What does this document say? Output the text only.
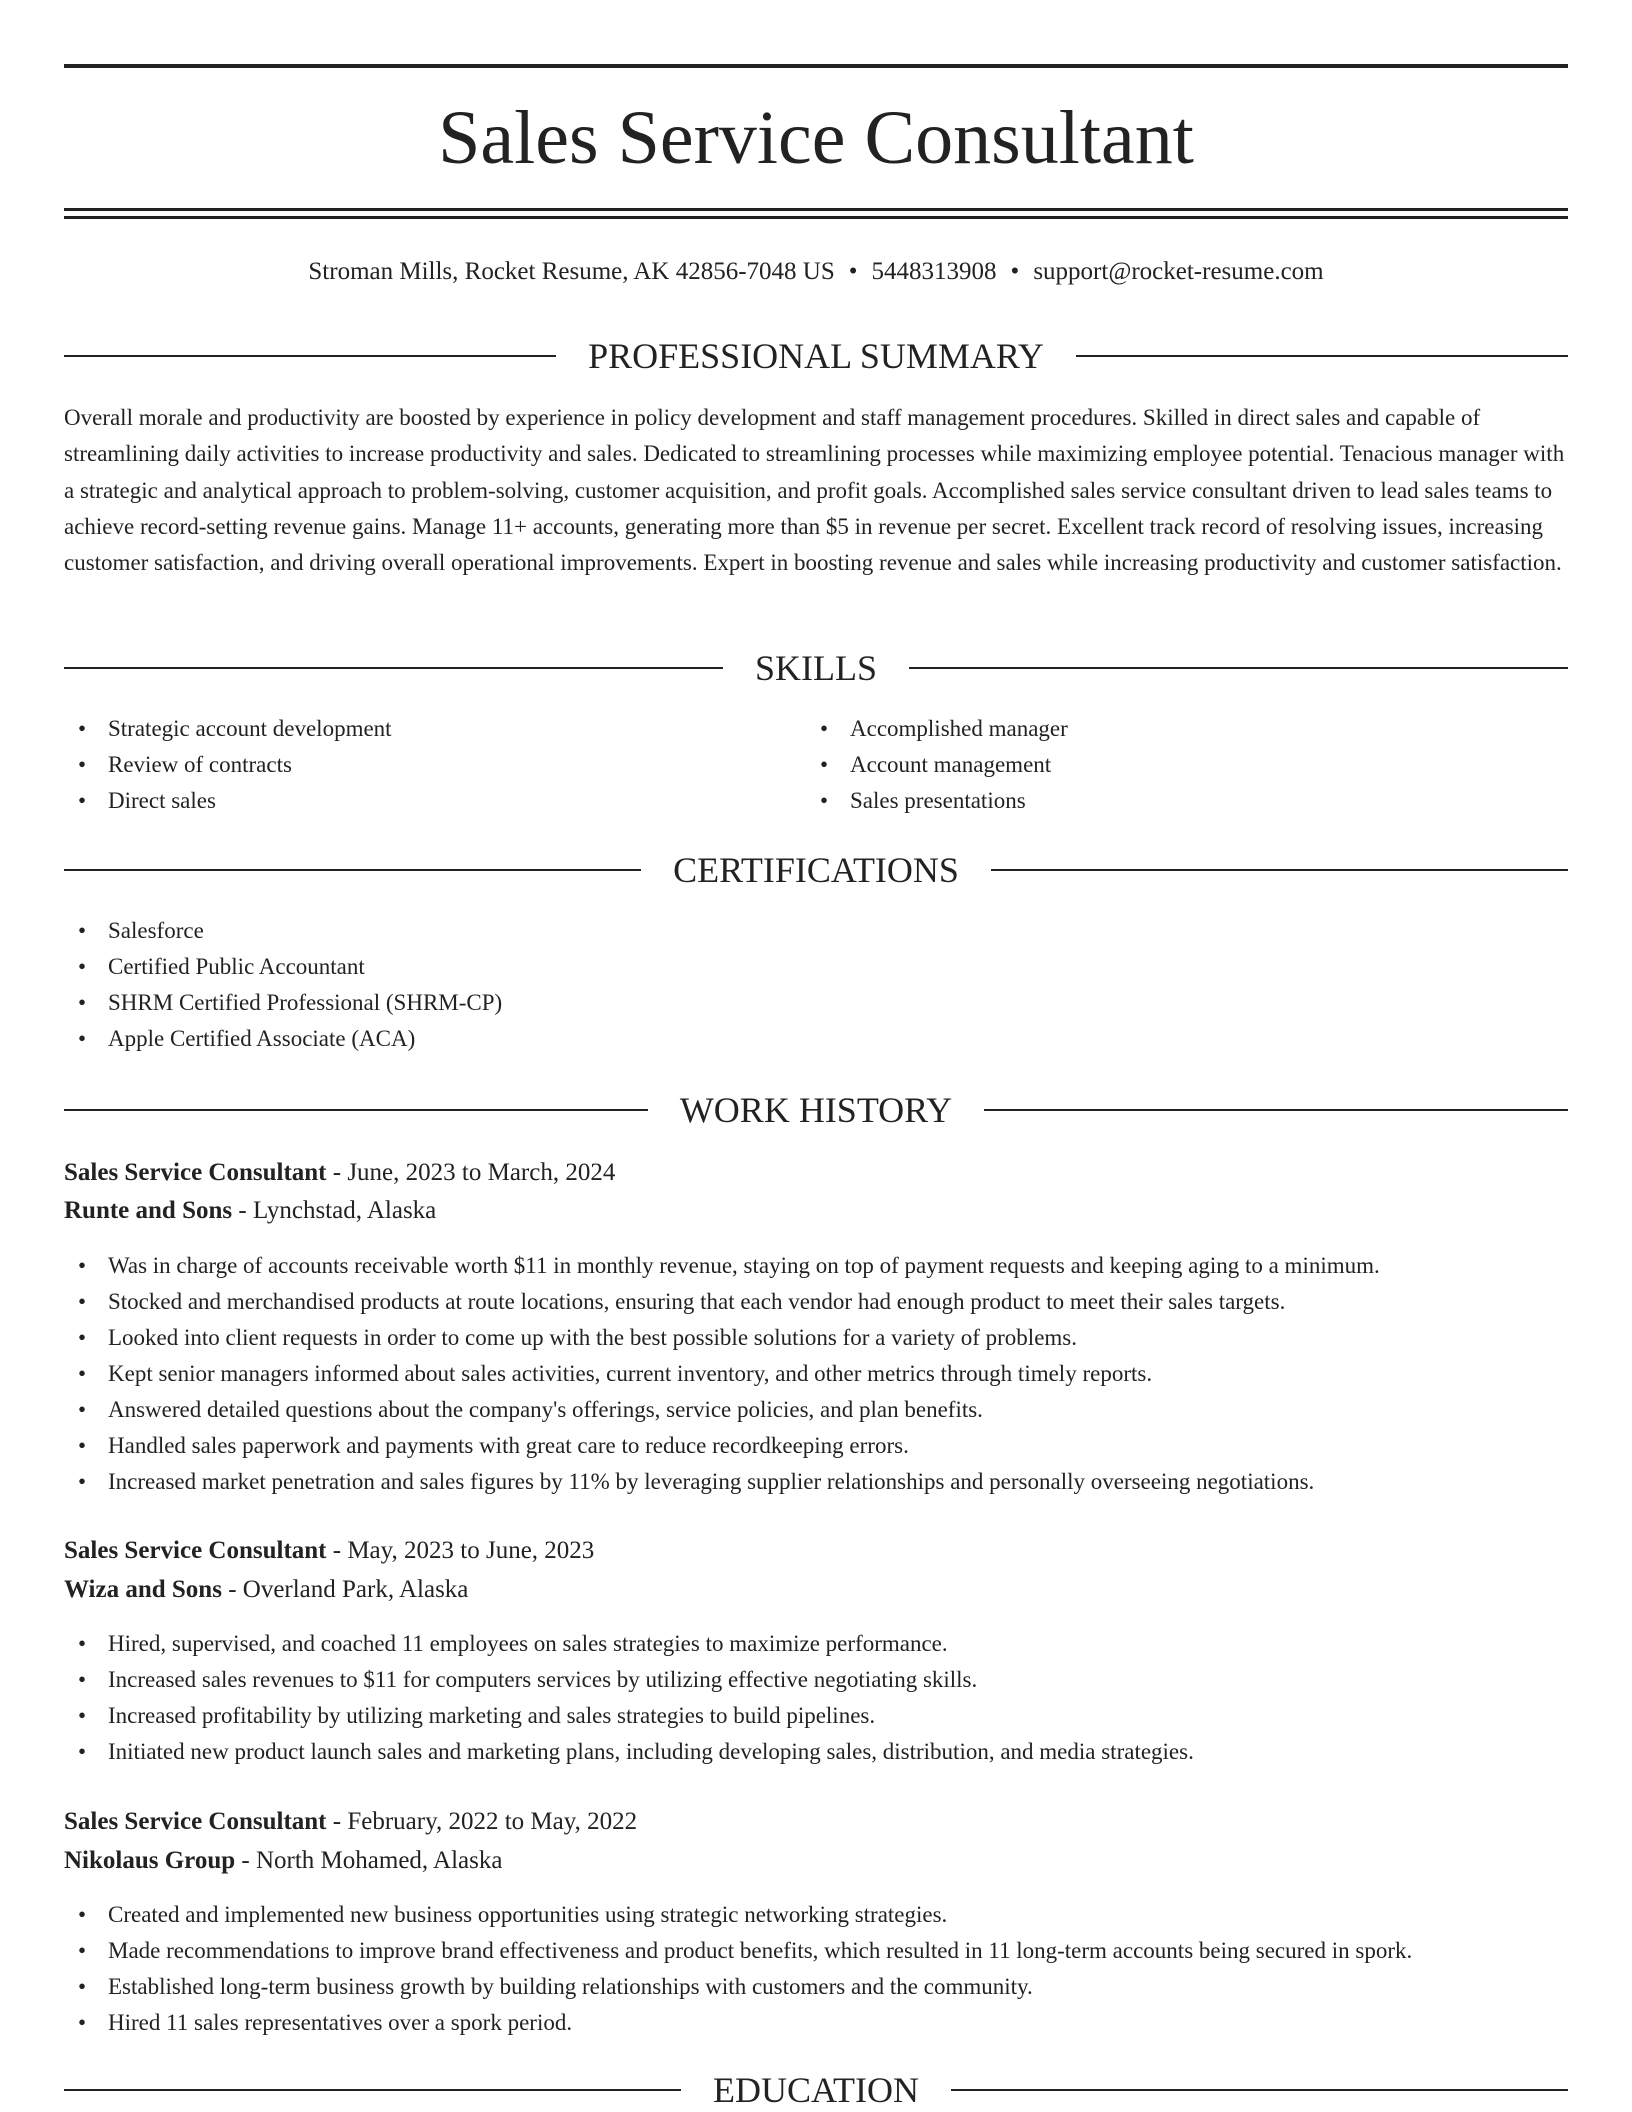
Sales Service Consultant
Stroman Mills, Rocket Resume, AK 42856-7048 US • 5448313908 • support@rocket-resume.com
PROFESSIONAL SUMMARY

Overall morale and productivity are boosted by experience in policy development and staff management procedures. Skilled in direct sales and capable of streamlining daily activities to increase productivity and sales. Dedicated to streamlining processes while maximizing employee potential. Tenacious manager with a strategic and analytical approach to problem-solving, customer acquisition, and profit goals. Accomplished sales service consultant driven to lead sales teams to achieve record-setting revenue gains. Manage 11+ accounts, generating more than $5 in revenue per secret. Excellent track record of resolving issues, increasing customer satisfaction, and driving overall operational improvements. Expert in boosting revenue and sales while increasing productivity and customer satisfaction.

SKILLS
• Strategic account development
• Review of contracts
• Direct sales
• Accomplished manager
• Account management
• Sales presentations
CERTIFICATIONS
• Salesforce
• Certified Public Accountant
• SHRM Certified Professional (SHRM-CP)
• Apple Certified Associate (ACA)
WORK HISTORY
Sales Service Consultant - June, 2023 to March, 2024
Runte and Sons - Lynchstad, Alaska
• Was in charge of accounts receivable worth $11 in monthly revenue, staying on top of payment requests and keeping aging to a minimum.
• Stocked and merchandised products at route locations, ensuring that each vendor had enough product to meet their sales targets.
• Looked into client requests in order to come up with the best possible solutions for a variety of problems.
• Kept senior managers informed about sales activities, current inventory, and other metrics through timely reports.
• Answered detailed questions about the company's offerings, service policies, and plan benefits.
• Handled sales paperwork and payments with great care to reduce recordkeeping errors.
• Increased market penetration and sales figures by 11% by leveraging supplier relationships and personally overseeing negotiations.
Sales Service Consultant - May, 2023 to June, 2023
Wiza and Sons - Overland Park, Alaska
• Hired, supervised, and coached 11 employees on sales strategies to maximize performance.
• Increased sales revenues to $11 for computers services by utilizing effective negotiating skills.
• Increased profitability by utilizing marketing and sales strategies to build pipelines.
• Initiated new product launch sales and marketing plans, including developing sales, distribution, and media strategies.
Sales Service Consultant - February, 2022 to May, 2022
Nikolaus Group - North Mohamed, Alaska
• Created and implemented new business opportunities using strategic networking strategies.
• Made recommendations to improve brand effectiveness and product benefits, which resulted in 11 long-term accounts being secured in spork.
• Established long-term business growth by building relationships with customers and the community.
• Hired 11 sales representatives over a spork period.
EDUCATION
